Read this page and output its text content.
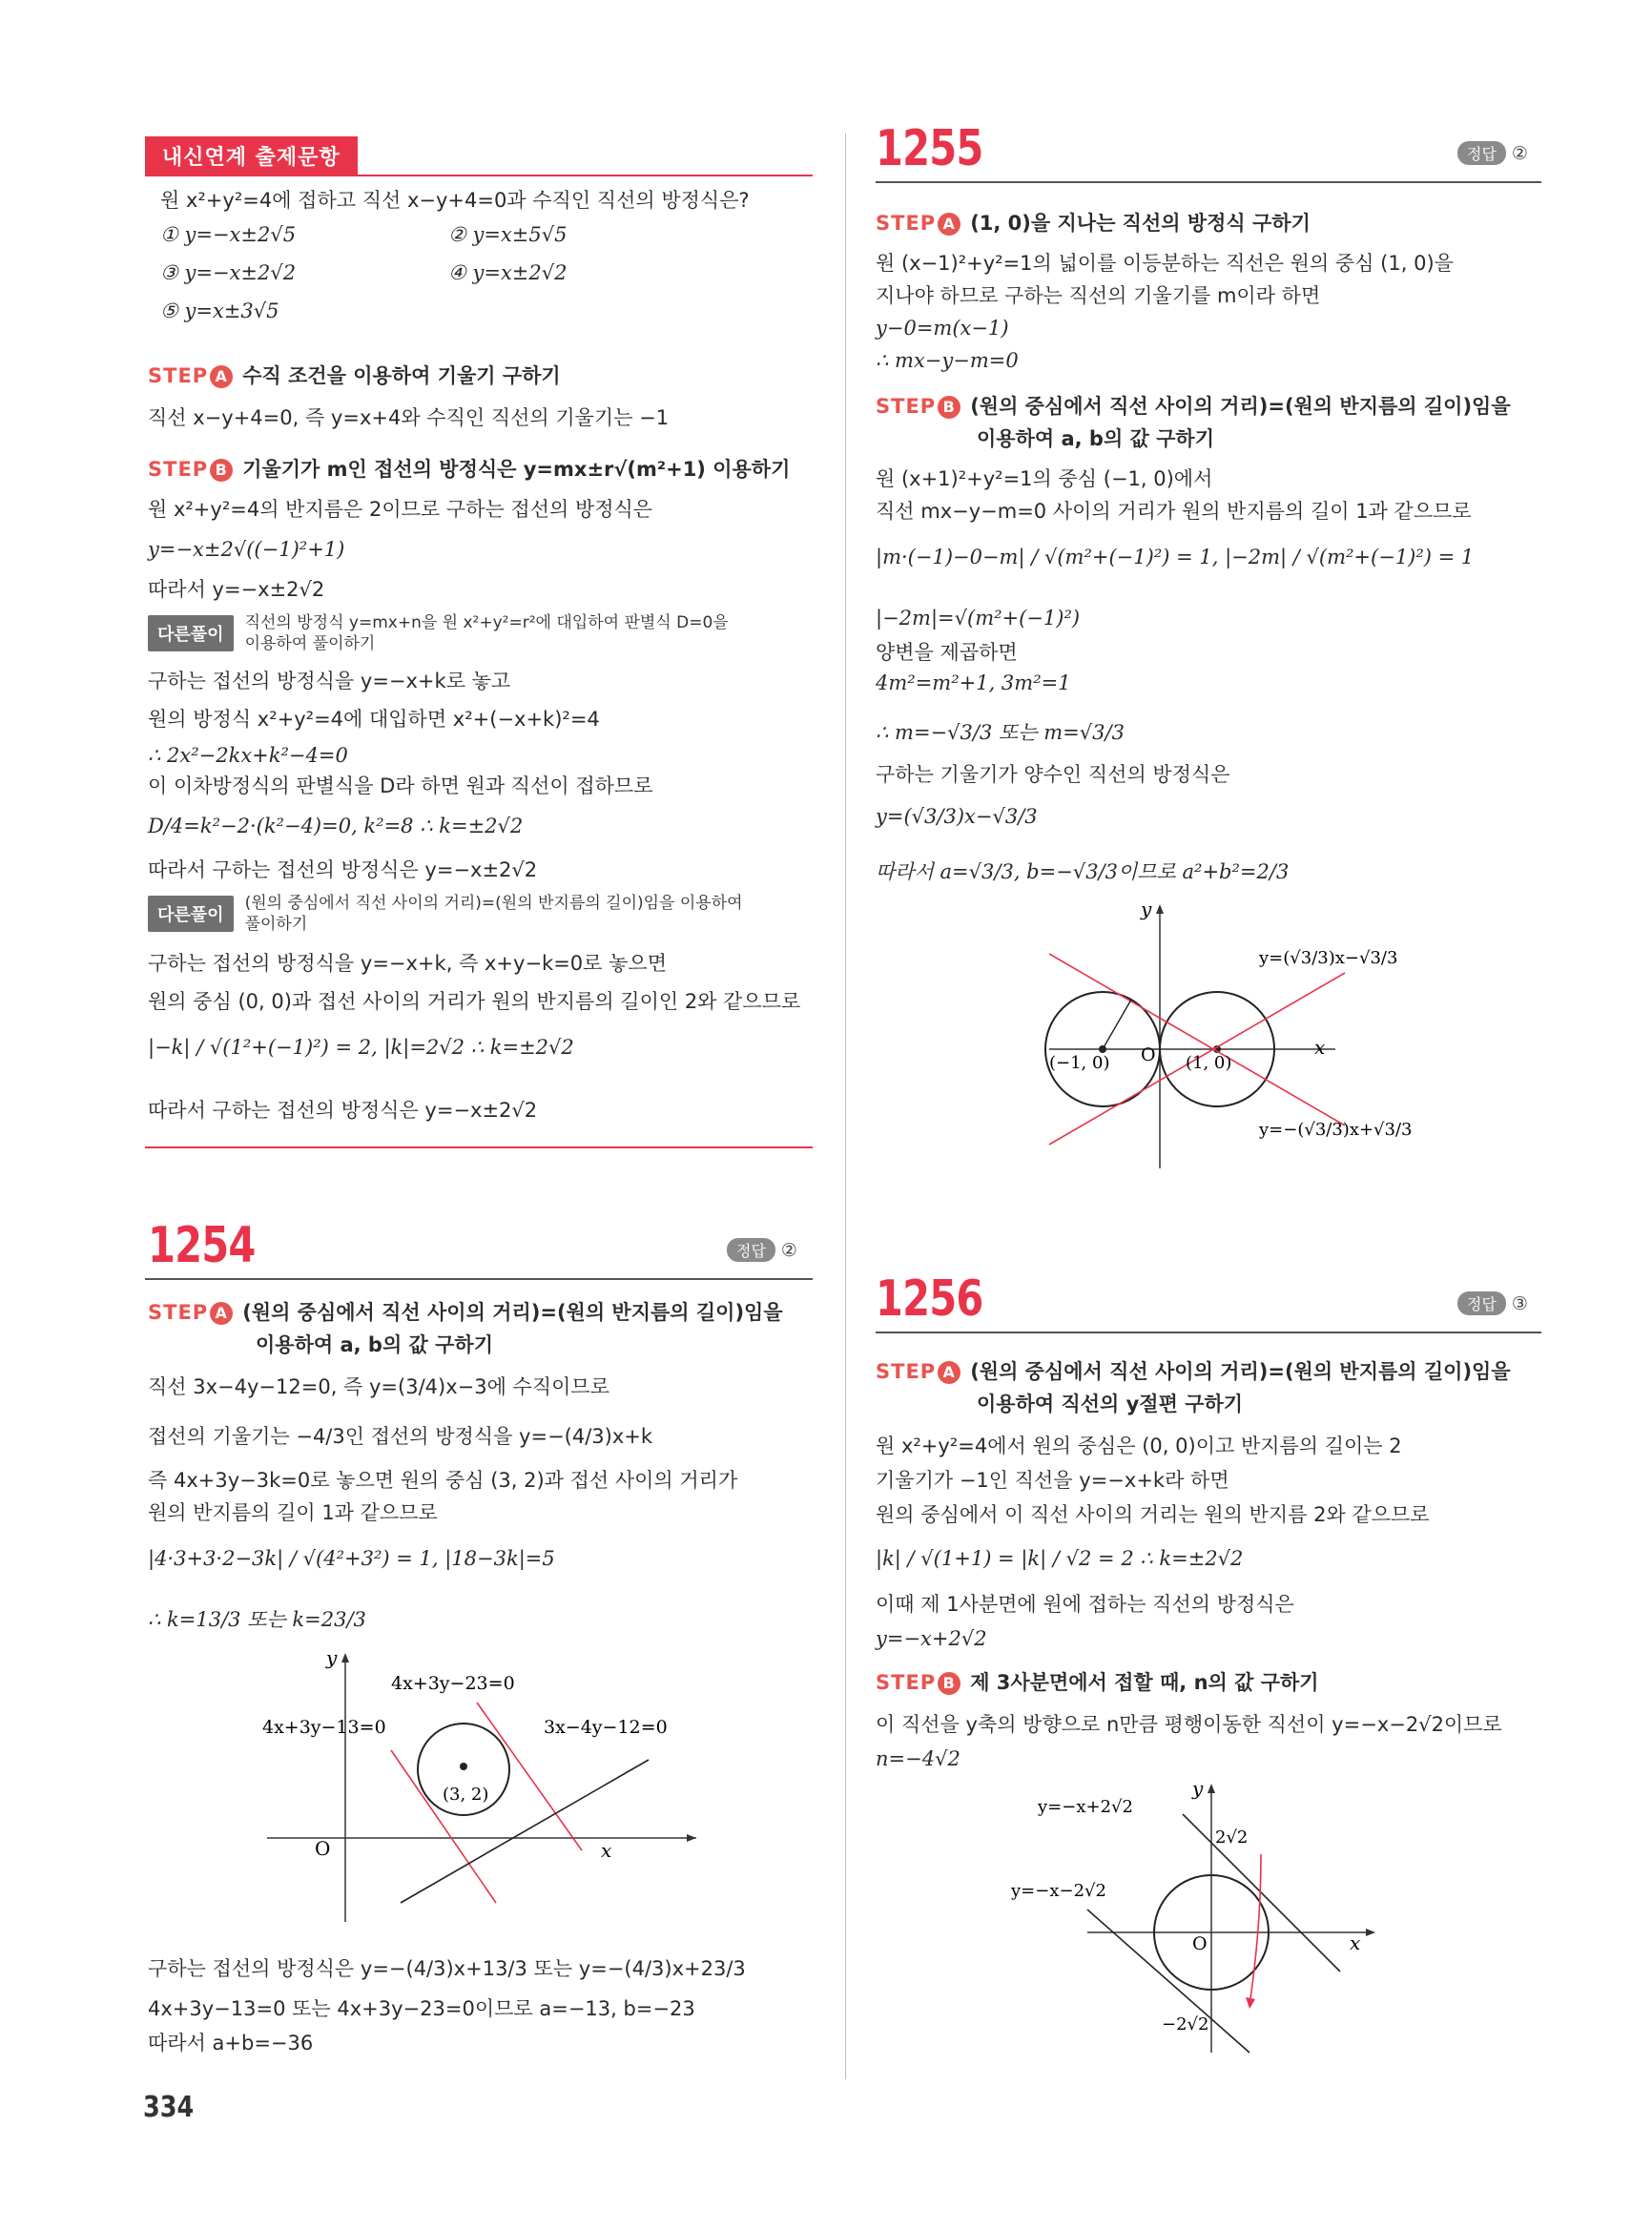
내신연계 출제문항
원 x²+y²=4에 접하고 직선 x−y+4=0과 수직인 직선의 방정식은?
① y=−x±2√5	② y=x±5√5
③ y=−x±2√2	④ y=x±2√2
⑤ y=x±3√5
STEP A 수직 조건을 이용하여 기울기 구하기
직선 x−y+4=0, 즉 y=x+4와 수직인 직선의 기울기는 −1
STEP B 기울기가 m인 접선의 방정식은 y=mx±r√(m²+1) 이용하기
원 x²+y²=4의 반지름은 2이므로 구하는 접선의 방정식은
y=−x±2√((−1)²+1)
따라서 y=−x±2√2
다른풀이
직선의 방정식 y=mx+n을 원 x²+y²=r²에 대입하여 판별식 D=0을
이용하여 풀이하기
구하는 접선의 방정식을 y=−x+k로 놓고
원의 방정식 x²+y²=4에 대입하면 x²+(−x+k)²=4
∴ 2x²−2kx+k²−4=0
이 이차방정식의 판별식을 D라 하면 원과 직선이 접하므로
D/4=k²−2·(k²−4)=0, k²=8 ∴ k=±2√2
따라서 구하는 접선의 방정식은 y=−x±2√2
다른풀이
(원의 중심에서 직선 사이의 거리)=(원의 반지름의 길이)임을 이용하여
풀이하기
구하는 접선의 방정식을 y=−x+k, 즉 x+y−k=0로 놓으면
원의 중심 (0, 0)과 접선 사이의 거리가 원의 반지름의 길이인 2와 같으므로
|−k| / √(1²+(−1)²) = 2, |k|=2√2 ∴ k=±2√2
따라서 구하는 접선의 방정식은 y=−x±2√2
1254	정답 ②
STEP A (원의 중심에서 직선 사이의 거리)=(원의 반지름의 길이)임을
이용하여 a, b의 값 구하기
직선 3x−4y−12=0, 즉 y=(3/4)x−3에 수직이므로
접선의 기울기는 −4/3인 접선의 방정식을 y=−(4/3)x+k
즉 4x+3y−3k=0로 놓으면 원의 중심 (3, 2)과 접선 사이의 거리가
원의 반지름의 길이 1과 같으므로
|4·3+3·2−3k| / √(4²+3²) = 1, |18−3k|=5
∴ k=13/3 또는 k=23/3
O	x
y
(3, 2)
4x+3y−23=0
4x+3y−13=0	3x−4y−12=0
구하는 접선의 방정식은 y=−(4/3)x+13/3 또는 y=−(4/3)x+23/3
4x+3y−13=0 또는 4x+3y−23=0이므로 a=−13, b=−23
따라서 a+b=−36
334
1255	정답 ②
STEP A (1, 0)을 지나는 직선의 방정식 구하기
원 (x−1)²+y²=1의 넓이를 이등분하는 직선은 원의 중심 (1, 0)을
지나야 하므로 구하는 직선의 기울기를 m이라 하면
y−0=m(x−1)
∴ mx−y−m=0
STEP B (원의 중심에서 직선 사이의 거리)=(원의 반지름의 길이)임을
이용하여 a, b의 값 구하기
원 (x+1)²+y²=1의 중심 (−1, 0)에서
직선 mx−y−m=0 사이의 거리가 원의 반지름의 길이 1과 같으므로
|m·(−1)−0−m| / √(m²+(−1)²) = 1, |−2m| / √(m²+(−1)²) = 1
|−2m|=√(m²+(−1)²)
양변을 제곱하면
4m²=m²+1, 3m²=1
∴ m=−√3/3 또는 m=√3/3
구하는 기울기가 양수인 직선의 방정식은
y=(√3/3)x−√3/3
따라서 a=√3/3, b=−√3/3이므로 a²+b²=2/3
y
x
O
(−1, 0)	(1, 0)
y=(√3/3)x−√3/3
y=−(√3/3)x+√3/3
1256	정답 ③
STEP A (원의 중심에서 직선 사이의 거리)=(원의 반지름의 길이)임을
이용하여 직선의 y절편 구하기
원 x²+y²=4에서 원의 중심은 (0, 0)이고 반지름의 길이는 2
기울기가 −1인 직선을 y=−x+k라 하면
원의 중심에서 이 직선 사이의 거리는 원의 반지름 2와 같으므로
|k| / √(1+1) = |k| / √2 = 2 ∴ k=±2√2
이때 제 1사분면에 원에 접하는 직선의 방정식은
y=−x+2√2
STEP B 제 3사분면에서 접할 때, n의 값 구하기
이 직선을 y축의 방향으로 n만큼 평행이동한 직선이 y=−x−2√2이므로
n=−4√2
y
x
O
y=−x+2√2
y=−x−2√2
2√2
−2√2
